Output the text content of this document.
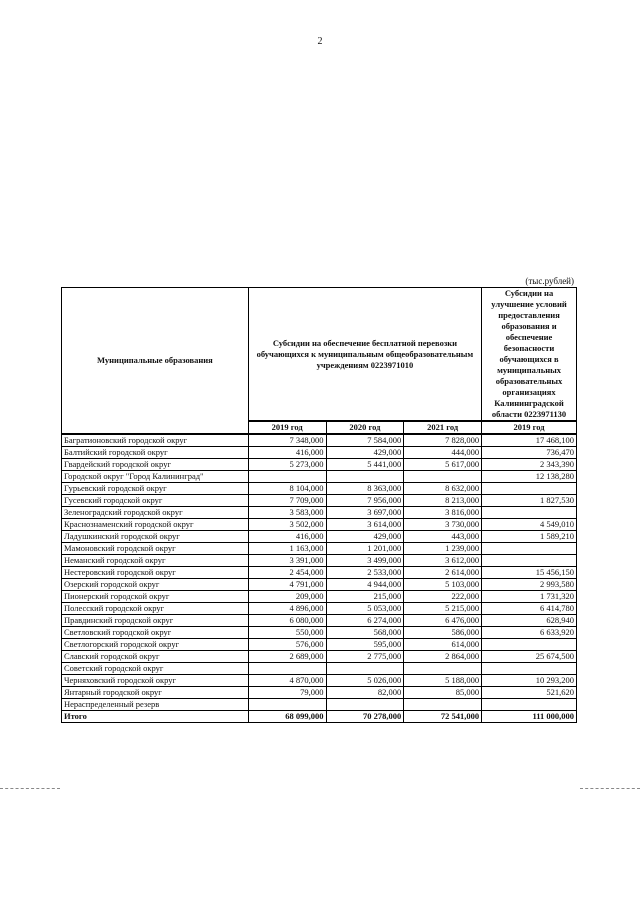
2
(тыс.рублей)
Муниципальные образования	Субсидии на обеспечение бесплатной перевозки обучающихся к муниципальным общеобразовательным учреждениям 0223971010			Субсидии на улучшение условий предоставления образования и обеспечение безопасности обучающихся в муниципальных образовательных организациях Калининградской области 0223971130
	2019 год	2020 год	2021 год	2019 год
Багратионовский городской округ	7 348,000	7 584,000	7 828,000	17 468,100
Балтийский городской округ	416,000	429,000	444,000	736,470
Гвардейский городской округ	5 273,000	5 441,000	5 617,000	2 343,390
Городской округ "Город Калининград"				12 138,280
Гурьевский городской округ	8 104,000	8 363,000	8 632,000	
Гусевский городской округ	7 709,000	7 956,000	8 213,000	1 827,530
Зеленоградский городской округ	3 583,000	3 697,000	3 816,000	
Краснознаменский городской округ	3 502,000	3 614,000	3 730,000	4 549,010
Ладушкинский городской округ	416,000	429,000	443,000	1 589,210
Мамоновский городской округ	1 163,000	1 201,000	1 239,000	
Неманский городской округ	3 391,000	3 499,000	3 612,000	
Нестеровский городской округ	2 454,000	2 533,000	2 614,000	15 456,150
Озерский городской округ	4 791,000	4 944,000	5 103,000	2 993,580
Пионерский городской округ	209,000	215,000	222,000	1 731,320
Полесский городской округ	4 896,000	5 053,000	5 215,000	6 414,780
Правдинский городской округ	6 080,000	6 274,000	6 476,000	628,940
Светловский городской округ	550,000	568,000	586,000	6 633,920
Светлогорский городской округ	576,000	595,000	614,000	
Славский городской округ	2 689,000	2 775,000	2 864,000	25 674,500
Советский городской округ				
Черняховский городской округ	4 870,000	5 026,000	5 188,000	10 293,200
Янтарный городской округ	79,000	82,000	85,000	521,620
Нераспределенный резерв				
Итого	68 099,000	70 278,000	72 541,000	111 000,000
